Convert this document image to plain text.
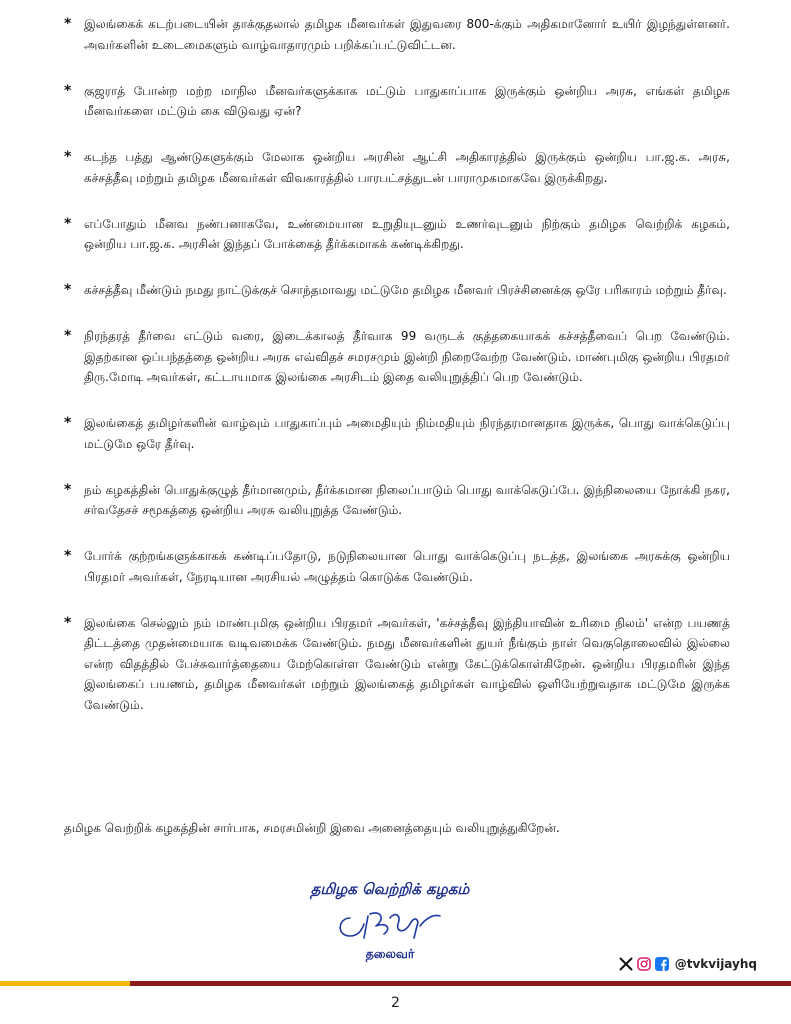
* இலங்கைக் கடற்படையின் தாக்குதலால் தமிழக மீனவர்கள் இதுவரை 800-க்கும் அதிகமானோர் உயிர் இழந்துள்ளனர். அவர்களின் உடைமைகளும் வாழ்வாதாரமும் பறிக்கப்பட்டுவிட்டன.
* குஜராத் போன்ற மற்ற மாநில மீனவர்களுக்காக மட்டும் பாதுகாப்பாக இருக்கும் ஒன்றிய அரசு, எங்கள் தமிழக மீனவர்களை மட்டும் கை விடுவது ஏன்?
* கடந்த பத்து ஆண்டுகளுக்கும் மேலாக ஒன்றிய அரசின் ஆட்சி அதிகாரத்தில் இருக்கும் ஒன்றிய பா.ஜ.க. அரசு, கச்சத்தீவு மற்றும் தமிழக மீனவர்கள் விவகாரத்தில் பாரபட்சத்துடன் பாராமுகமாகவே இருக்கிறது.
* எப்போதும் மீனவ நண்பனாகவே, உண்மையான உறுதியுடனும் உணர்வுடனும் நிற்கும் தமிழக வெற்றிக் கழகம், ஒன்றிய பா.ஜ.க. அரசின் இந்தப் போக்கைத் தீர்க்கமாகக் கண்டிக்கிறது.
* கச்சத்தீவு மீண்டும் நமது நாட்டுக்குச் சொந்தமாவது மட்டுமே தமிழக மீனவர் பிரச்சினைக்கு ஒரே பரிகாரம் மற்றும் தீர்வு.
* நிரந்தரத் தீர்வை எட்டும் வரை, இடைக்காலத் தீர்வாக 99 வருடக் குத்தகையாகக் கச்சத்தீவைப் பெற வேண்டும். இதற்கான ஒப்பந்தத்தை ஒன்றிய அரசு எவ்விதச் சமரசமும் இன்றி நிறைவேற்ற வேண்டும். மாண்புமிகு ஒன்றிய பிரதமர் திரு.மோடி அவர்கள், கட்டாயமாக இலங்கை அரசிடம் இதை வலியுறுத்திப் பெற வேண்டும்.
* இலங்கைத் தமிழர்களின் வாழ்வும் பாதுகாப்பும் அமைதியும் நிம்மதியும் நிரந்தரமானதாக இருக்க, பொது வாக்கெடுப்பு மட்டுமே ஒரே தீர்வு.
* நம் கழகத்தின் பொதுக்குழுத் தீர்மானமும், தீர்க்கமான நிலைப்பாடும் பொது வாக்கெடுப்பே. இந்நிலையை நோக்கி நகர, சர்வதேசச் சமூகத்தை ஒன்றிய அரசு வலியுறுத்த வேண்டும்.
* போர்க் குற்றங்களுக்காகக் கண்டிப்பதோடு, நடுநிலையான பொது வாக்கெடுப்பு நடத்த, இலங்கை அரசுக்கு ஒன்றிய பிரதமர் அவர்கள், நேரடியான அரசியல் அழுத்தம் கொடுக்க வேண்டும்.
* இலங்கை செல்லும் நம் மாண்புமிகு ஒன்றிய பிரதமர் அவர்கள், 'கச்சத்தீவு இந்தியாவின் உரிமை நிலம்' என்ற பயணத் திட்டத்தை முதன்மையாக வடிவமைக்க வேண்டும். நமது மீனவர்களின் துயர் நீங்கும் நாள் வெகுதொலைவில் இல்லை என்ற விதத்தில் பேச்சுவார்த்தையை மேற்கொள்ள வேண்டும் என்று கேட்டுக்கொள்கிறேன். ஒன்றிய பிரதமரின் இந்த இலங்கைப் பயணம், தமிழக மீனவர்கள் மற்றும் இலங்கைத் தமிழர்கள் வாழ்வில் ஒளியேற்றுவதாக மட்டுமே இருக்க வேண்டும்.

தமிழக வெற்றிக் கழகத்தின் சார்பாக, சமரசமின்றி இவை அனைத்தையும் வலியுறுத்துகிறேன்.

தமிழக வெற்றிக் கழகம்
தலைவர்
@tvkvijayhq
2
